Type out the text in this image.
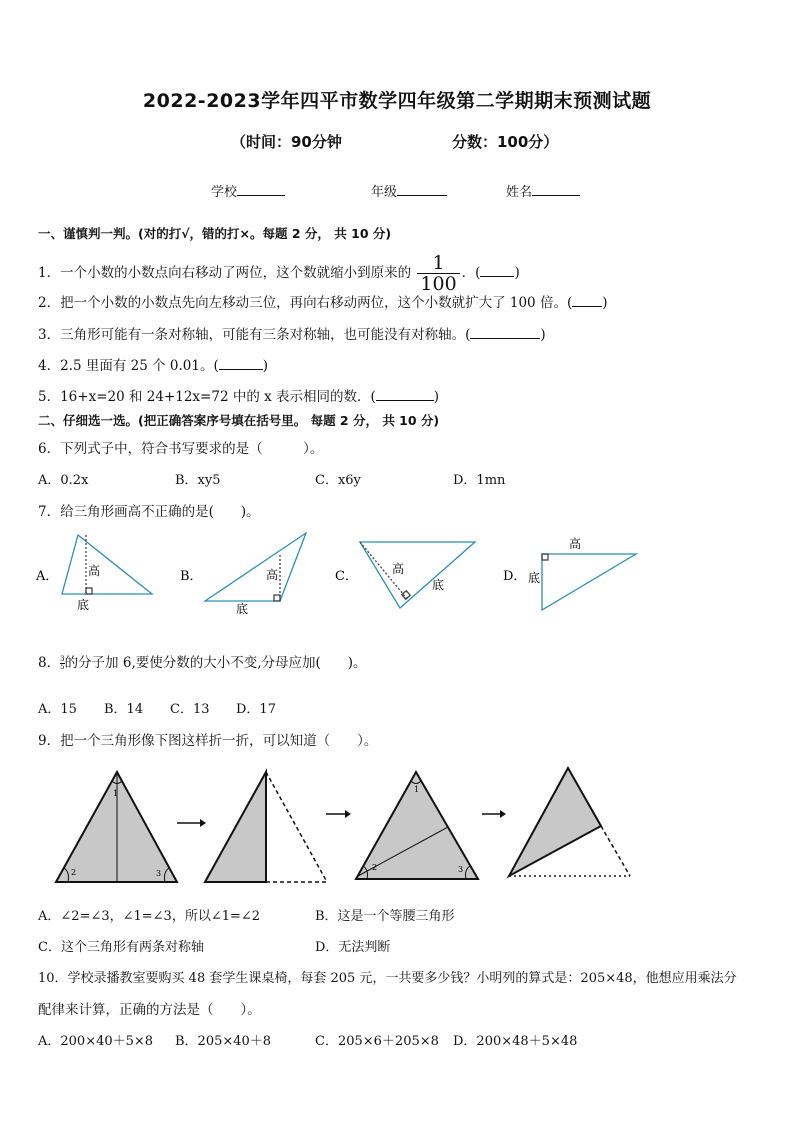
2022-2023学年四平市数学四年级第二学期期末预测试题
（时间：90分钟	分数：100分）
学校	年级	姓名
一、谨慎判一判。(对的打√，错的打×。每题 2 分， 共 10 分)
1．一个小数的小数点向右移动了两位，这个数就缩小到原来的 $\frac{1}{100}$ ．(	)
2．把一个小数的小数点先向左移动三位，再向右移动两位，这个小数就扩大了 100 倍。( )
3．三角形可能有一条对称轴，可能有三条对称轴，也可能没有对称轴。(	)
4．2.5 里面有 25 个 0.01。(	)
5．16+x=20 和 24+12x=72 中的 x 表示相同的数．(	)
二、仔细选一选。(把正确答案序号填在括号里。 每题 2 分， 共 10 分)
6．下列式子中，符合书写要求的是（　　　）。
A．0.2x	B．xy5	C．x6y	D．1mn
7．给三角形画高不正确的是(　　)。
A． 高
底
B．	高
底
C．	高
底
D．
高
底
8． $\frac{3}{5}$ 的分子加 6,要使分数的大小不变,分母应加(　　)。
A．15 B．14 C．13 D．17
9．把一个三角形像下图这样折一折，可以知道（　　）。
1
2	3
1
2	3
A．∠2=∠3，∠1=∠3，所以∠1=∠2	B．这是一个等腰三角形
C．这个三角形有两条对称轴	D．无法判断
10．学校录播教室要购买 48 套学生课桌椅，每套 205 元，一共要多少钱？小明列的算式是：205×48，他想应用乘法分
配律来计算，正确的方法是（　　）。
A．200×40＋5×8 B．205×40＋8	C．205×6＋205×8 D．200×48＋5×48
